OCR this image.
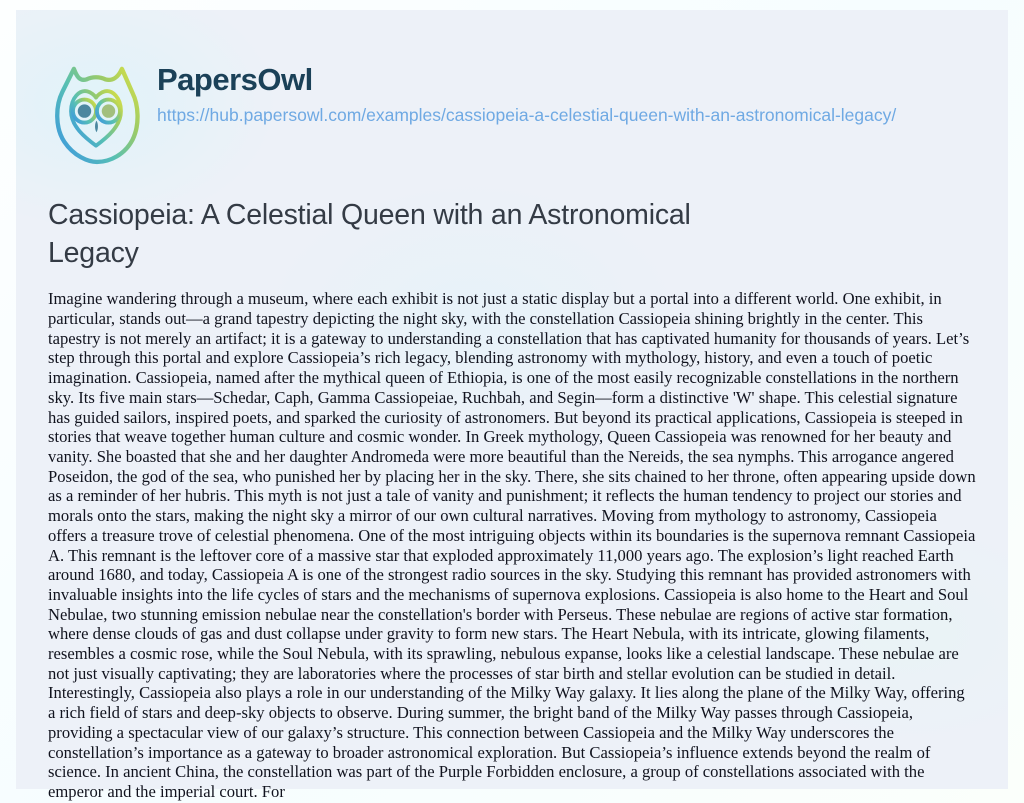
PapersOwl
https://hub.papersowl.com/examples/cassiopeia-a-celestial-queen-with-an-astronomical-legacy/
Cassiopeia: A Celestial Queen with an Astronomical Legacy
Imagine wandering through a museum, where each exhibit is not just a static display but a portal into a different world. One exhibit, in particular, stands out—a grand tapestry depicting the night sky, with the constellation Cassiopeia shining brightly in the center. This tapestry is not merely an artifact; it is a gateway to understanding a constellation that has captivated humanity for thousands of years. Let’s step through this portal and explore Cassiopeia’s rich legacy, blending astronomy with mythology, history, and even a touch of poetic imagination. Cassiopeia, named after the mythical queen of Ethiopia, is one of the most easily recognizable constellations in the northern sky. Its five main stars—Schedar, Caph, Gamma Cassiopeiae, Ruchbah, and Segin—form a distinctive 'W' shape. This celestial signature has guided sailors, inspired poets, and sparked the curiosity of astronomers. But beyond its practical applications, Cassiopeia is steeped in stories that weave together human culture and cosmic wonder. In Greek mythology, Queen Cassiopeia was renowned for her beauty and vanity. She boasted that she and her daughter Andromeda were more beautiful than the Nereids, the sea nymphs. This arrogance angered Poseidon, the god of the sea, who punished her by placing her in the sky. There, she sits chained to her throne, often appearing upside down as a reminder of her hubris. This myth is not just a tale of vanity and punishment; it reflects the human tendency to project our stories and morals onto the stars, making the night sky a mirror of our own cultural narratives. Moving from mythology to astronomy, Cassiopeia offers a treasure trove of celestial phenomena. One of the most intriguing objects within its boundaries is the supernova remnant Cassiopeia A. This remnant is the leftover core of a massive star that exploded approximately 11,000 years ago. The explosion’s light reached Earth around 1680, and today, Cassiopeia A is one of the strongest radio sources in the sky. Studying this remnant has provided astronomers with invaluable insights into the life cycles of stars and the mechanisms of supernova explosions. Cassiopeia is also home to the Heart and Soul Nebulae, two stunning emission nebulae near the constellation's border with Perseus. These nebulae are regions of active star formation, where dense clouds of gas and dust collapse under gravity to form new stars. The Heart Nebula, with its intricate, glowing filaments, resembles a cosmic rose, while the Soul Nebula, with its sprawling, nebulous expanse, looks like a celestial landscape. These nebulae are not just visually captivating; they are laboratories where the processes of star birth and stellar evolution can be studied in detail. Interestingly, Cassiopeia also plays a role in our understanding of the Milky Way galaxy. It lies along the plane of the Milky Way, offering a rich field of stars and deep-sky objects to observe. During summer, the bright band of the Milky Way passes through Cassiopeia, providing a spectacular view of our galaxy’s structure. This connection between Cassiopeia and the Milky Way underscores the constellation’s importance as a gateway to broader astronomical exploration. But Cassiopeia’s influence extends beyond the realm of science. In ancient China, the constellation was part of the Purple Forbidden enclosure, a group of constellations associated with the emperor and the imperial court. For
